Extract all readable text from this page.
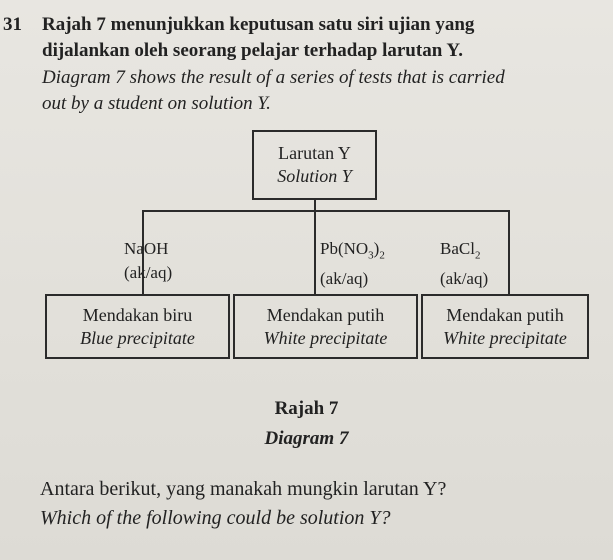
31 Rajah 7 menunjukkan keputusan satu siri ujian yang
dijalankan oleh seorang pelajar terhadap larutan Y.
Diagram 7 shows the result of a series of tests that is carried
out by a student on solution Y.
Larutan Y
Solution Y
NaOH
(ak/aq)
$Pb(NO_3)_2$
(ak/aq)
BaCl$_2$
(ak/aq)
Mendakan biru
Blue precipitate
Mendakan putih
White precipitate
Mendakan putih
White precipitate
Rajah 7
Diagram 7
Antara berikut, yang manakah mungkin larutan Y?
Which of the following could be solution Y?
